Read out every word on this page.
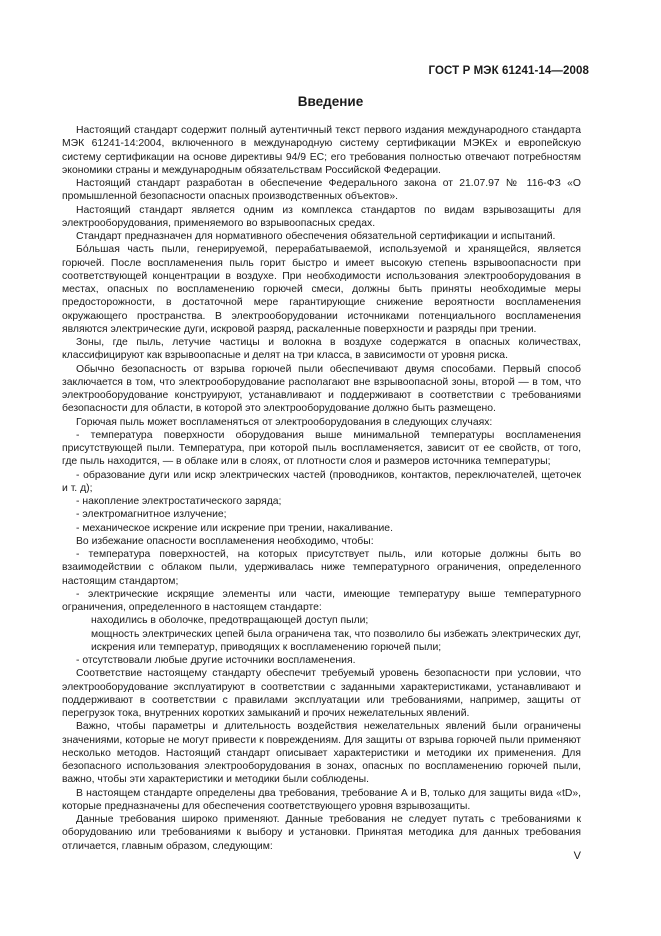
ГОСТ Р МЭК 61241-14—2008
Введение

Настоящий стандарт содержит полный аутентичный текст первого издания международного стандарта МЭК 61241-14:2004, включенного в международную систему сертификации МЭКЕх и европейскую систему сертификации на основе директивы 94/9 ЕС; его требования полностью отвечают потребностям экономики страны и международным обязательствам Российской Федерации.

Настоящий стандарт разработан в обеспечение Федерального закона от 21.07.97 № 116-ФЗ «О промышленной безопасности опасных производственных объектов».

Настоящий стандарт является одним из комплекса стандартов по видам взрывозащиты для электрооборудования, применяемого во взрывоопасных средах.

Стандарт предназначен для нормативного обеспечения обязательной сертификации и испытаний.

Бо́льшая часть пыли, генерируемой, перерабатываемой, используемой и хранящейся, является горючей. После воспламенения пыль горит быстро и имеет высокую степень взрывоопасности при соответствующей концентрации в воздухе. При необходимости использования электрооборудования в местах, опасных по воспламенению горючей смеси, должны быть приняты необходимые меры предосторожности, в достаточной мере гарантирующие снижение вероятности воспламенения окружающего пространства. В электрооборудовании источниками потенциального воспламенения являются электрические дуги, искровой разряд, раскаленные поверхности и разряды при трении.

Зоны, где пыль, летучие частицы и волокна в воздухе содержатся в опасных количествах, классифицируют как взрывоопасные и делят на три класса, в зависимости от уровня риска.

Обычно безопасность от взрыва горючей пыли обеспечивают двумя способами. Первый способ заключается в том, что электрооборудование располагают вне взрывоопасной зоны, второй — в том, что электрооборудование конструируют, устанавливают и поддерживают в соответствии с требованиями безопасности для области, в которой это электрооборудование должно быть размещено.

Горючая пыль может воспламеняться от электрооборудования в следующих случаях:

- температура поверхности оборудования выше минимальной температуры воспламенения присутствующей пыли. Температура, при которой пыль воспламеняется, зависит от ее свойств, от того, где пыль находится, — в облаке или в слоях, от плотности слоя и размеров источника температуры;

- образование дуги или искр электрических частей (проводников, контактов, переключателей, щеточек и т. д);

- накопление электростатического заряда;

- электромагнитное излучение;

- механическое искрение или искрение при трении, накаливание.

Во избежание опасности воспламенения необходимо, чтобы:

- температура поверхностей, на которых присутствует пыль, или которые должны быть во взаимодействии с облаком пыли, удерживалась ниже температурного ограничения, определенного настоящим стандартом;

- электрические искрящие элементы или части, имеющие температуру выше температурного ограничения, определенного в настоящем стандарте:

находились в оболочке, предотвращающей доступ пыли;

мощность электрических цепей была ограничена так, что позволило бы избежать электрических дуг, искрения или температур, приводящих к воспламенению горючей пыли;

- отсутствовали любые другие источники воспламенения.

Соответствие настоящему стандарту обеспечит требуемый уровень безопасности при условии, что электрооборудование эксплуатируют в соответствии с заданными характеристиками, устанавливают и поддерживают в соответствии с правилами эксплуатации или требованиями, например, защиты от перегрузок тока, внутренних коротких замыканий и прочих нежелательных явлений.

Важно, чтобы параметры и длительность воздействия нежелательных явлений были ограничены значениями, которые не могут привести к повреждениям. Для защиты от взрыва горючей пыли применяют несколько методов. Настоящий стандарт описывает характеристики и методики их применения. Для безопасного использования электрооборудования в зонах, опасных по воспламенению горючей пыли, важно, чтобы эти характеристики и методики были соблюдены.

В настоящем стандарте определены два требования, требование А и В, только для защиты вида «tD», которые предназначены для обеспечения соответствующего уровня взрывозащиты.

Данные требования широко применяют. Данные требования не следует путать с требованиями к оборудованию или требованиями к выбору и установки. Принятая методика для данных требования отличается, главным образом, следующим:

V
